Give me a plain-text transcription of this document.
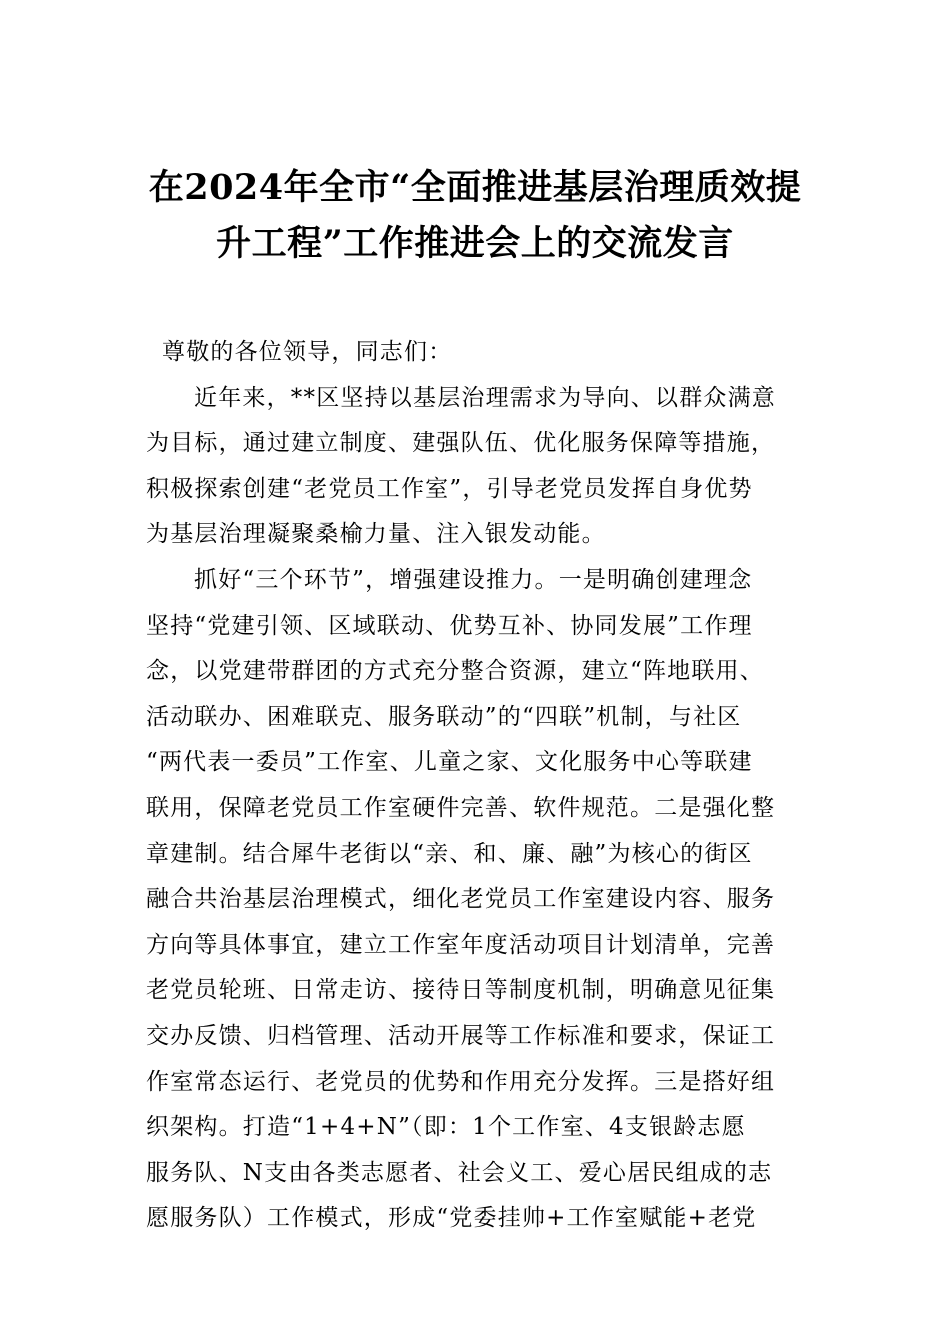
在2024年全市“全面推进基层治理质效提
升工程”工作推进会上的交流发言
尊敬的各位领导，同志们：
近年来，**区坚持以基层治理需求为导向、以群众满意
为目标，通过建立制度、建强队伍、优化服务保障等措施，
积极探索创建“老党员工作室”，引导老党员发挥自身优势
为基层治理凝聚桑榆力量、注入银发动能。
抓好“三个环节”，增强建设推力。一是明确创建理念
坚持“党建引领、区域联动、优势互补、协同发展”工作理
念，以党建带群团的方式充分整合资源，建立“阵地联用、
活动联办、困难联克、服务联动”的“四联”机制，与社区
“两代表一委员”工作室、儿童之家、文化服务中心等联建
联用，保障老党员工作室硬件完善、软件规范。二是强化整
章建制。结合犀牛老街以“亲、和、廉、融”为核心的街区
融合共治基层治理模式，细化老党员工作室建设内容、服务
方向等具体事宜，建立工作室年度活动项目计划清单，完善
老党员轮班、日常走访、接待日等制度机制，明确意见征集
交办反馈、归档管理、活动开展等工作标准和要求，保证工
作室常态运行、老党员的优势和作用充分发挥。三是搭好组
织架构。打造“1+4+N”（即：1个工作室、4支银龄志愿
服务队、N支由各类志愿者、社会义工、爱心居民组成的志
愿服务队）工作模式，形成“党委挂帅+工作室赋能+老党
